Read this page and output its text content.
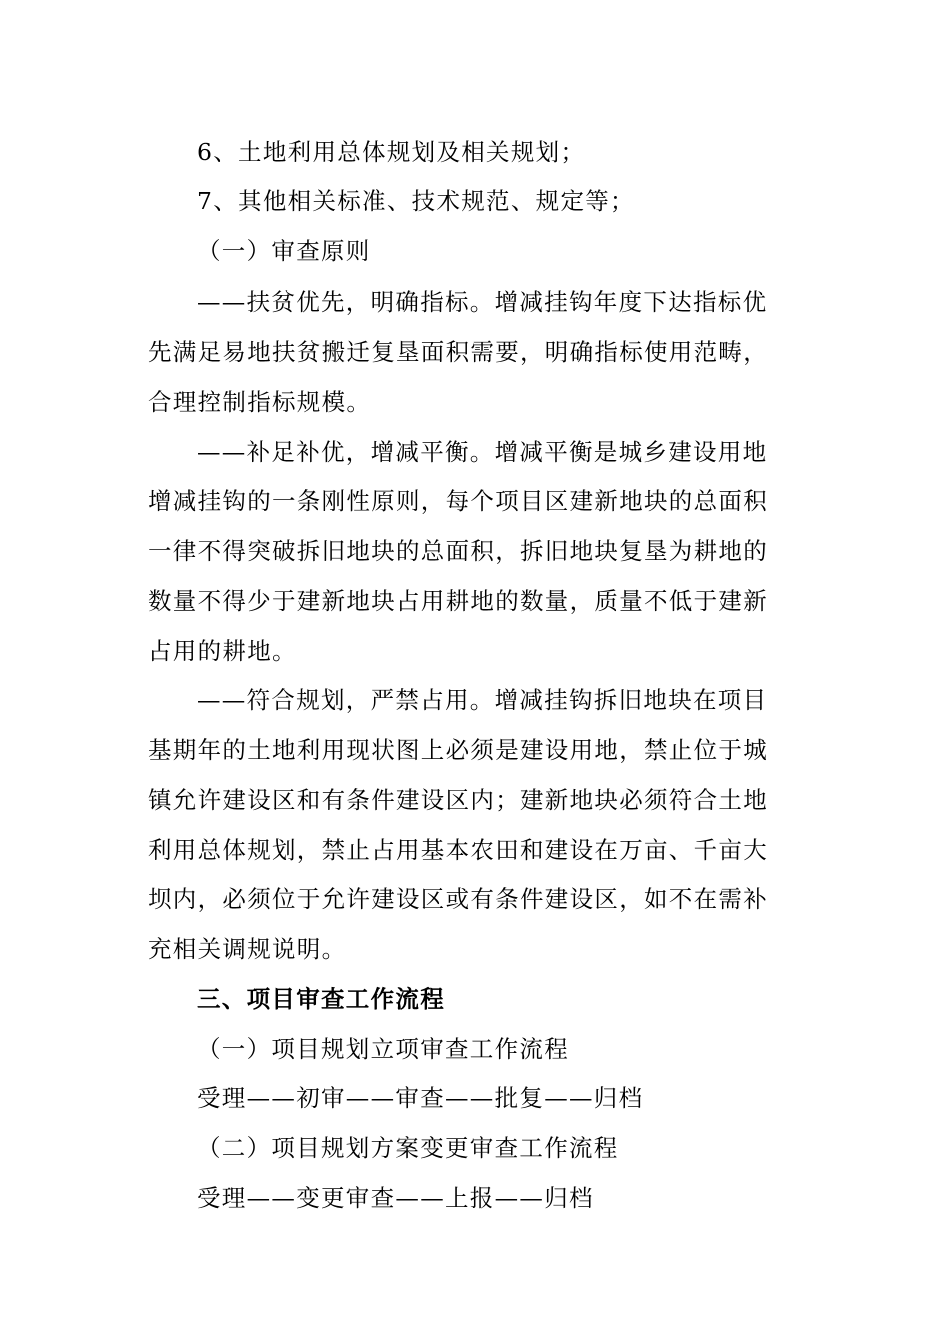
6、土地利用总体规划及相关规划；
7、其他相关标准、技术规范、规定等；
（一）审查原则
——扶贫优先，明确指标。增减挂钩年度下达指标优
先满足易地扶贫搬迁复垦面积需要，明确指标使用范畴，
合理控制指标规模。
——补足补优，增减平衡。增减平衡是城乡建设用地
增减挂钩的一条刚性原则，每个项目区建新地块的总面积
一律不得突破拆旧地块的总面积，拆旧地块复垦为耕地的
数量不得少于建新地块占用耕地的数量，质量不低于建新
占用的耕地。
——符合规划，严禁占用。增减挂钩拆旧地块在项目
基期年的土地利用现状图上必须是建设用地，禁止位于城
镇允许建设区和有条件建设区内；建新地块必须符合土地
利用总体规划，禁止占用基本农田和建设在万亩、千亩大
坝内，必须位于允许建设区或有条件建设区，如不在需补
充相关调规说明。
三、项目审查工作流程
（一）项目规划立项审查工作流程
受理——初审——审查——批复——归档
（二）项目规划方案变更审查工作流程
受理——变更审查——上报——归档
